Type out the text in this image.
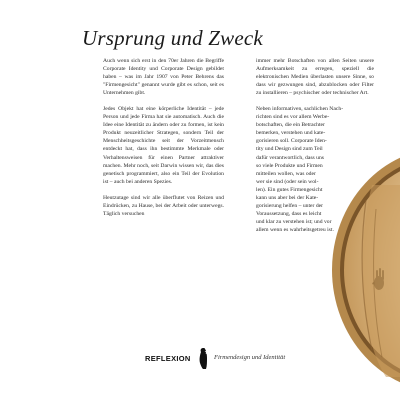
Ursprung und Zweck

Auch wenn sich erst in den 70er Jahren die Begriffe Corporate Identity und Corporate Design gebildet haben – was im Jahr 1907 von Peter Behrens das "Firmengesicht" genannt wurde gibt es schon, seit es Unternehmen gibt.

Jedes Objekt hat eine körperliche Identität – jede Person und jede Firma hat sie automatisch. Auch die Idee eine Identität zu ändern oder zu formen, ist kein Produkt neuzeitlicher Strategen, sondern Teil der Menschheitsgeschichte seit der Vorzeitmensch entdeckt hat, dass ihn bestimmte Merkmale oder Verhaltensweisen für einen Partner attraktiver machen. Mehr noch, seit Darwin wissen wir, das dies genetisch programmiert, also ein Teil der Evolution ist – auch bei anderen Spezies.

Heutzutage sind wir alle überflutet von Reizen und Eindrücken, zu Hause, bei der Arbeit oder unterwegs. Täglich versuchen

immer mehr Botschaften von allen Seiten unsere Aufmerksamkeit zu erregen, speziell die elektronischen Medien überlasten unsere Sinne, so dass wir gezwungen sind, abzublocken oder Filter zu installieren – psychischer oder technischer Art.

Neben informativen, sachlichen Nach-
richten sind es vor allem Werbe-
botschaften, die ein Betrachter
bemerken, verstehen und kate-
gorisieren soll. Corporate Iden-
tity und Design sind zum Teil
dafür verantwortlich, dass uns
so viele Produkte und Firmen
mitteilen wollen, was oder
wer sie sind (oder sein wol-
len). Ein gutes Firmengesicht
kann uns aber bei der Kate-
gorisierung helfen – unter der
Voraussetzung, dass es leicht
und klar zu verstehen ist; und vor
allem wenn es wahrheitsgetreu ist.

REFLEXION	Firmendesign und Identität
